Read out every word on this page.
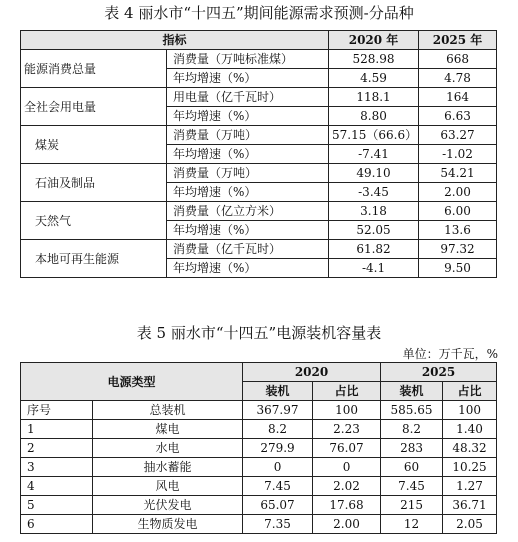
表 4 丽水市“十四五”期间能源需求预测-分品种
指标		2020 年	2025 年
能源消费总量	消费量（万吨标准煤）	528.98	668
	年均增速（%）	4.59	4.78
全社会用电量	用电量（亿千瓦时）	118.1	164
	年均增速（%）	8.80	6.63
煤炭	消费量（万吨）	57.15（66.6）	63.27
	年均增速（%）	-7.41	-1.02
石油及制品	消费量（万吨）	49.10	54.21
	年均增速（%）	-3.45	2.00
天然气	消费量（亿立方米）	3.18	6.00
	年均增速（%）	52.05	13.6
本地可再生能源	消费量（亿千瓦时）	61.82	97.32
	年均增速（%）	-4.1	9.50
表 5 丽水市“十四五”电源装机容量表
单位：万千瓦，%
电源类型		2020		2025	
		装机	占比	装机	占比
序号	总装机	367.97	100	585.65	100
1	煤电	8.2	2.23	8.2	1.40
2	水电	279.9	76.07	283	48.32
3	抽水蓄能	0	0	60	10.25
4	风电	7.45	2.02	7.45	1.27
5	光伏发电	65.07	17.68	215	36.71
6	生物质发电	7.35	2.00	12	2.05
